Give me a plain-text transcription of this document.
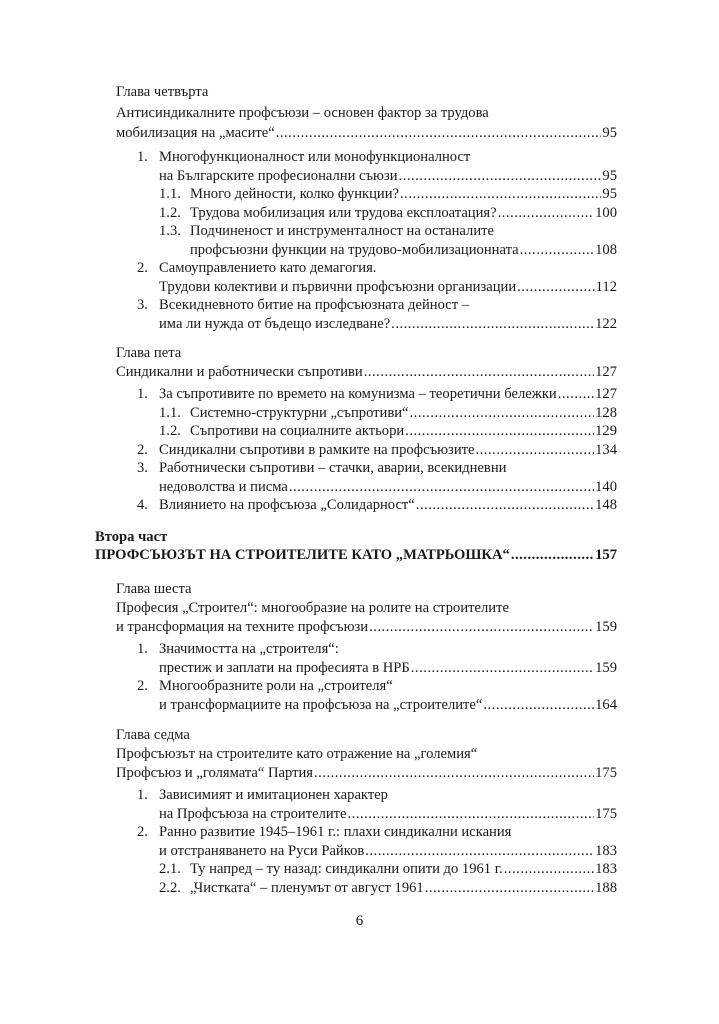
Глава четвърта
Антисиндикалните профсъюзи – основен фактор за трудова
мобилизация на „масите“ .....	95
1. Многофункционалност или монофункционалност
на Българските професионални съюзи .....	95
1.1. Много дейности, колко функции? .....	95
1.2. Трудова мобилизация или трудова експлоатация? .....	100
1.3. Подчиненост и инструменталност на останалите
профсъюзни функции на трудово-мобилизационната .....	108
2. Самоуправлението като демагогия.
Трудови колективи и първични профсъюзни организации .....	112
3. Всекидневното битие на профсъюзната дейност –
има ли нужда от бъдещо изследване? .....	122
Глава пета
Синдикални и работнически съпротиви .....	127
1. За съпротивите по времето на комунизма – теоретични бележки .....	127
1.1. Системно-структурни „съпротиви“ .....	128
1.2. Съпротиви на социалните актьори .....	129
2. Синдикални съпротиви в рамките на профсъюзите .....	134
3. Работнически съпротиви – стачки, аварии, всекидневни
недоволства и писма .....	140
4. Влиянието на профсъюза „Солидарност“ .....	148
Втора част
ПРОФСЪЮЗЪТ НА СТРОИТЕЛИТЕ КАТО „МАТРЬОШКА“ .....	157
Глава шеста
Професия „Строител“: многообразие на ролите на строителите
и трансформация на техните профсъюзи .....	159
1. Значимостта на „строителя“:
престиж и заплати на професията в НРБ .....	159
2. Многообразните роли на „строителя“
и трансформациите на профсъюза на „строителите“ .....	164
Глава седма
Профсъюзът на строителите като отражение на „големия“
Профсъюз и „голямата“ Партия .....	175
1. Зависимият и имитационен характер
на Профсъюза на строителите .....	175
2. Ранно развитие 1945–1961 г.: плахи синдикални искания
и отстраняването на Руси Райков .....	183
2.1. Ту напред – ту назад: синдикални опити до 1961 г. .....	183
2.2. „Чистката“ – пленумът от август 1961 .....	188
6
